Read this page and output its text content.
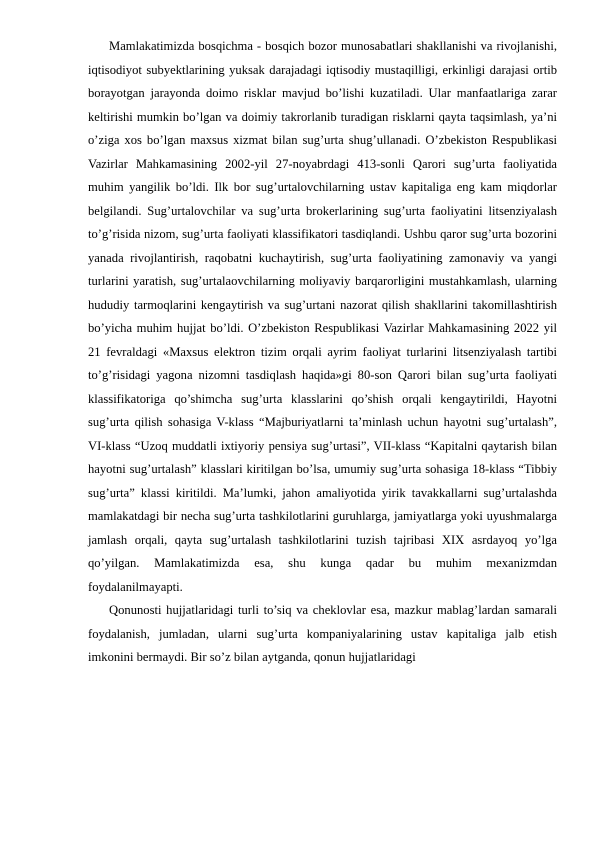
Mamlakatimizda bosqichma - bosqich bozor munosabatlari shakllanishi va rivojlanishi, iqtisodiyot subyektlarining yuksak darajadagi iqtisodiy mustaqilligi, erkinligi darajasi ortib borayotgan jarayonda doimo risklar mavjud bo’lishi kuzatiladi. Ular manfaatlariga zarar keltirishi mumkin bo’lgan va doimiy takrorlanib turadigan risklarni qayta taqsimlash, ya’ni o’ziga xos bo’lgan maxsus xizmat bilan sug’urta shug’ullanadi. O’zbekiston Respublikasi Vazirlar Mahkamasining 2002-yil 27-noyabrdagi 413-sonli Qarori sug’urta faoliyatida muhim yangilik bo’ldi. Ilk bor sug’urtalovchilarning ustav kapitaliga eng kam miqdorlar belgilandi. Sug’urtalovchilar va sug’urta brokerlarining sug’urta faoliyatini litsenziyalash to’g’risida nizom, sug’urta faoliyati klassifikatori tasdiqlandi. Ushbu qaror sug’urta bozorini yanada rivojlantirish, raqobatni kuchaytirish, sug’urta faoliyatining zamonaviy va yangi turlarini yaratish, sug’urtalaovchilarning moliyaviy barqarorligini mustahkamlash, ularning hududiy tarmoqlarini kengaytirish va sug’urtani nazorat qilish shakllarini takomillashtirish bo’yicha muhim hujjat bo’ldi. O’zbekiston Respublikasi Vazirlar Mahkamasining 2022 yil 21 fevraldagi «Maxsus elektron tizim orqali ayrim faoliyat turlarini litsenziyalash tartibi to’g’risidagi yagona nizomni tasdiqlash haqida»gi 80-son Qarori bilan sug’urta faoliyati klassifikatoriga qo’shimcha sug’urta klasslarini qo’shish orqali kengaytirildi, Hayotni sug’urta qilish sohasiga V-klass “Majburiyatlarni ta’minlash uchun hayotni sug’urtalash”, VI-klass “Uzoq muddatli ixtiyoriy pensiya sug’urtasi”, VII-klass “Kapitalni qaytarish bilan hayotni sug’urtalash” klasslari kiritilgan bo’lsa, umumiy sug’urta sohasiga 18-klass “Tibbiy sug’urta” klassi kiritildi. Ma’lumki, jahon amaliyotida yirik tavakkallarni sug’urtalashda mamlakatdagi bir necha sug’urta tashkilotlarini guruhlarga, jamiyatlarga yoki uyushmalarga jamlash orqali, qayta sug’urtalash tashkilotlarini tuzish tajribasi XIX asrdayoq yo’lga qo’yilgan. Mamlakatimizda esa, shu kunga qadar bu muhim mexanizmdan foydalanilmayapti.

Qonunosti hujjatlaridagi turli to’siq va cheklovlar esa, mazkur mablag’lardan samarali foydalanish, jumladan, ularni sug’urta kompaniyalarining ustav kapitaliga jalb etish imkonini bermaydi. Bir so’z bilan aytganda, qonun hujjatlaridagi
